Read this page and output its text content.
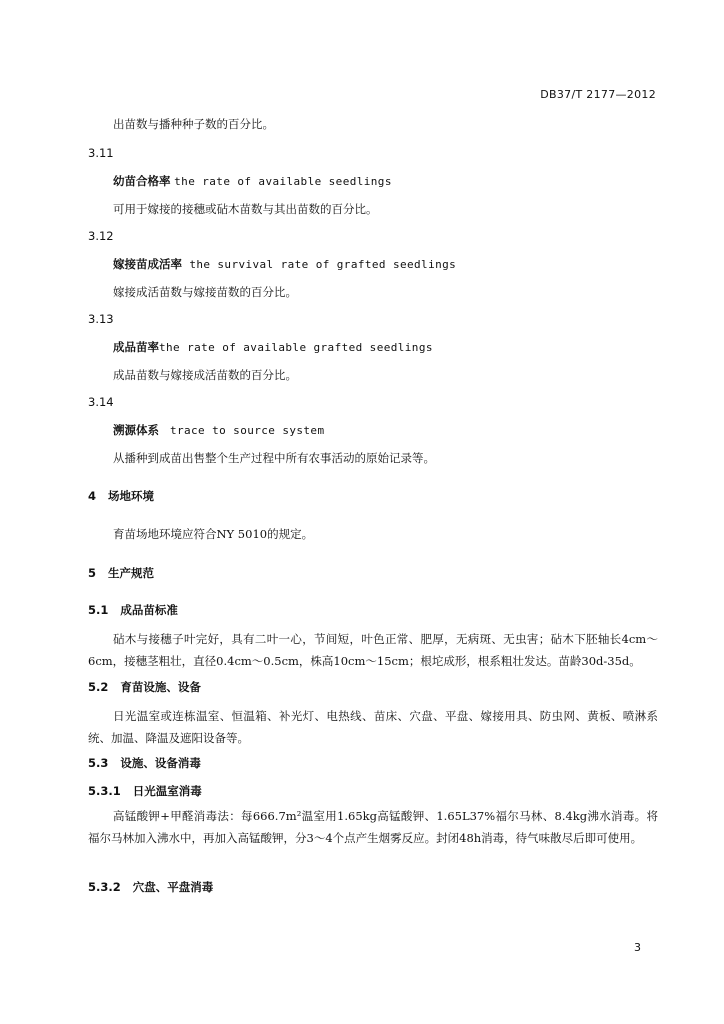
DB37/T 2177—2012
出苗数与播种种子数的百分比。
3.11
幼苗合格率 the rate of available seedlings
可用于嫁接的接穗或砧木苗数与其出苗数的百分比。
3.12
嫁接苗成活率 the survival rate of grafted seedlings
嫁接成活苗数与嫁接苗数的百分比。
3.13
成品苗率the rate of available grafted seedlings
成品苗数与嫁接成活苗数的百分比。
3.14
溯源体系 trace to source system
从播种到成苗出售整个生产过程中所有农事活动的原始记录等。
4 场地环境
育苗场地环境应符合NY 5010的规定。
5 生产规范
5.1 成品苗标准
砧木与接穗子叶完好，具有二叶一心，节间短，叶色正常、肥厚，无病斑、无虫害；砧木下胚轴长4cm～6cm，接穗茎粗壮，直径0.4cm～0.5cm，株高10cm～15cm；根坨成形，根系粗壮发达。苗龄30d-35d。
5.2 育苗设施、设备
日光温室或连栋温室、恒温箱、补光灯、电热线、苗床、穴盘、平盘、嫁接用具、防虫网、黄板、喷淋系统、加温、降温及遮阳设备等。
5.3 设施、设备消毒
5.3.1 日光温室消毒
高锰酸钾+甲醛消毒法：每666.7m²温室用1.65kg高锰酸钾、1.65L37%福尔马林、8.4kg沸水消毒。将福尔马林加入沸水中，再加入高锰酸钾，分3～4个点产生烟雾反应。封闭48h消毒，待气味散尽后即可使用。
5.3.2 穴盘、平盘消毒
3
